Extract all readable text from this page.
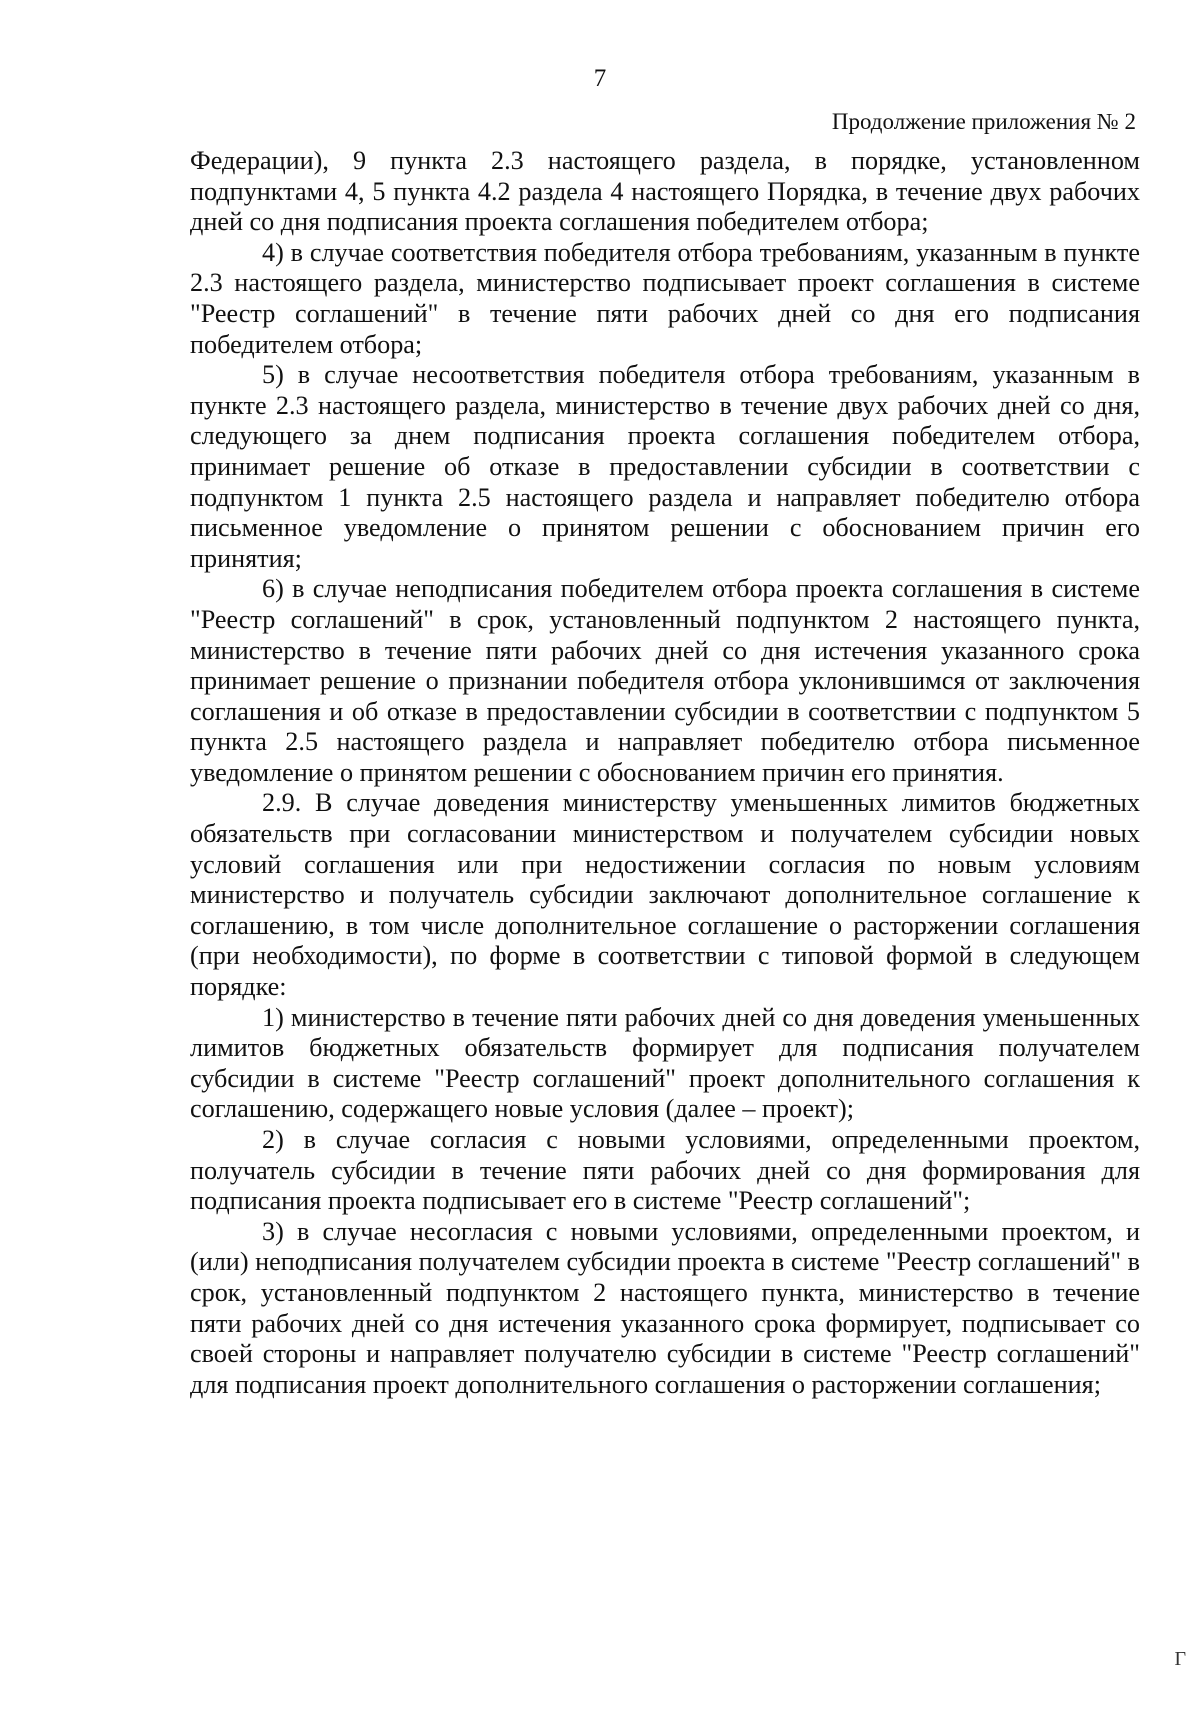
7
Продолжение приложения № 2

Федерации), 9 пункта 2.3 настоящего раздела, в порядке, установленном подпунктами 4, 5 пункта 4.2 раздела 4 настоящего Порядка, в течение двух рабочих дней со дня подписания проекта соглашения победителем отбора;

4) в случае соответствия победителя отбора требованиям, указанным в пункте 2.3 настоящего раздела, министерство подписывает проект соглашения в системе "Реестр соглашений" в течение пяти рабочих дней со дня его подписания победителем отбора;

5) в случае несоответствия победителя отбора требованиям, указанным в пункте 2.3 настоящего раздела, министерство в течение двух рабочих дней со дня, следующего за днем подписания проекта соглашения победителем отбора, принимает решение об отказе в предоставлении субсидии в соответствии с подпунктом 1 пункта 2.5 настоящего раздела и направляет победителю отбора письменное уведомление о принятом решении с обоснованием причин его принятия;

6) в случае неподписания победителем отбора проекта соглашения в системе "Реестр соглашений" в срок, установленный подпунктом 2 настоящего пункта, министерство в течение пяти рабочих дней со дня истечения указанного срока принимает решение о признании победителя отбора уклонившимся от заключения соглашения и об отказе в предоставлении субсидии в соответствии с подпунктом 5 пункта 2.5 настоящего раздела и направляет победителю отбора письменное уведомление о принятом решении с обоснованием причин его принятия.

2.9. В случае доведения министерству уменьшенных лимитов бюджетных обязательств при согласовании министерством и получателем субсидии новых условий соглашения или при недостижении согласия по новым условиям министерство и получатель субсидии заключают дополнительное соглашение к соглашению, в том числе дополнительное соглашение о расторжении соглашения (при необходимости), по форме в соответствии с типовой формой в следующем порядке:

1) министерство в течение пяти рабочих дней со дня доведения уменьшенных лимитов бюджетных обязательств формирует для подписания получателем субсидии в системе "Реестр соглашений" проект дополнительного соглашения к соглашению, содержащего новые условия (далее – проект);

2) в случае согласия с новыми условиями, определенными проектом, получатель субсидии в течение пяти рабочих дней со дня формирования для подписания проекта подписывает его в системе "Реестр соглашений";

3) в случае несогласия с новыми условиями, определенными проектом, и (или) неподписания получателем субсидии проекта в системе "Реестр соглашений" в срок, установленный подпунктом 2 настоящего пункта, министерство в течение пяти рабочих дней со дня истечения указанного срока формирует, подписывает со своей стороны и направляет получателю субсидии в системе "Реестр соглашений" для подписания проект дополнительного соглашения о расторжении соглашения;

Г
